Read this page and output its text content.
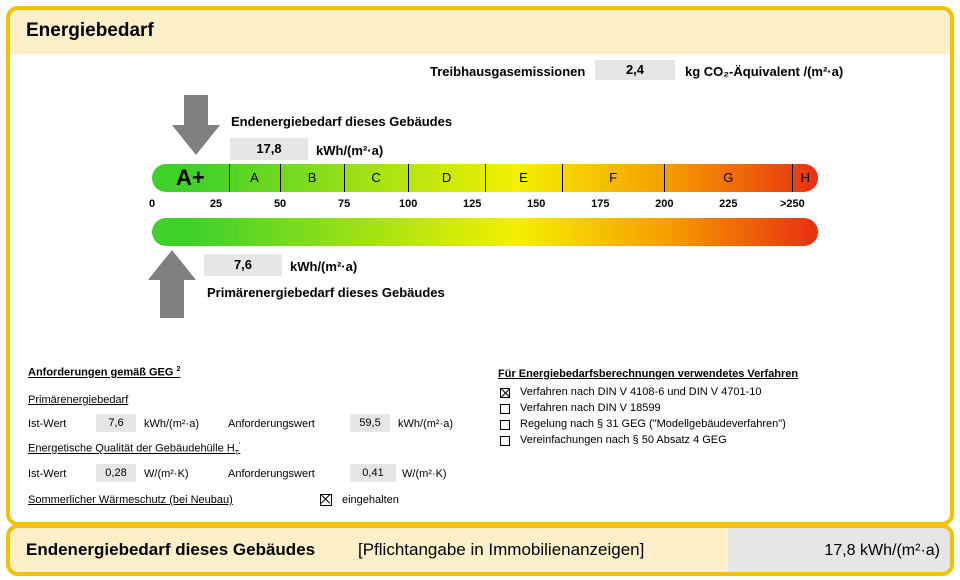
Energiebedarf
Treibhausgasemissionen	2,4	kg CO₂-Äquivalent /(m²·a)
Endenergiebedarf dieses Gebäudes
17,8	kWh/(m²·a)
A+	A	B	C	D	E	F	G	H
0	25	50	75	100	125	150	175	200	225	>250
7,6	kWh/(m²·a)
Primärenergiebedarf dieses Gebäudes
Anforderungen gemäß GEG $^2$
Primärenergiebedarf
Ist-Wert	7,6	kWh/(m²·a)	Anforderungswert	59,5	kWh/(m²·a)
Energetische Qualität der Gebäudehülle $H_T'$
Ist-Wert	0,28	W/(m²·K)	Anforderungswert	0,41	W/(m²·K)
Sommerlicher Wärmeschutz (bei Neubau)	eingehalten
Für Energiebedarfsberechnungen verwendetes Verfahren
Verfahren nach DIN V 4108-6 und DIN V 4701-10
Verfahren nach DIN V 18599
Regelung nach § 31 GEG ("Modellgebäudeverfahren")
Vereinfachungen nach § 50 Absatz 4 GEG
Endenergiebedarf dieses Gebäudes	[Pflichtangabe in Immobilienanzeigen]	17,8 kWh/(m²·a)
